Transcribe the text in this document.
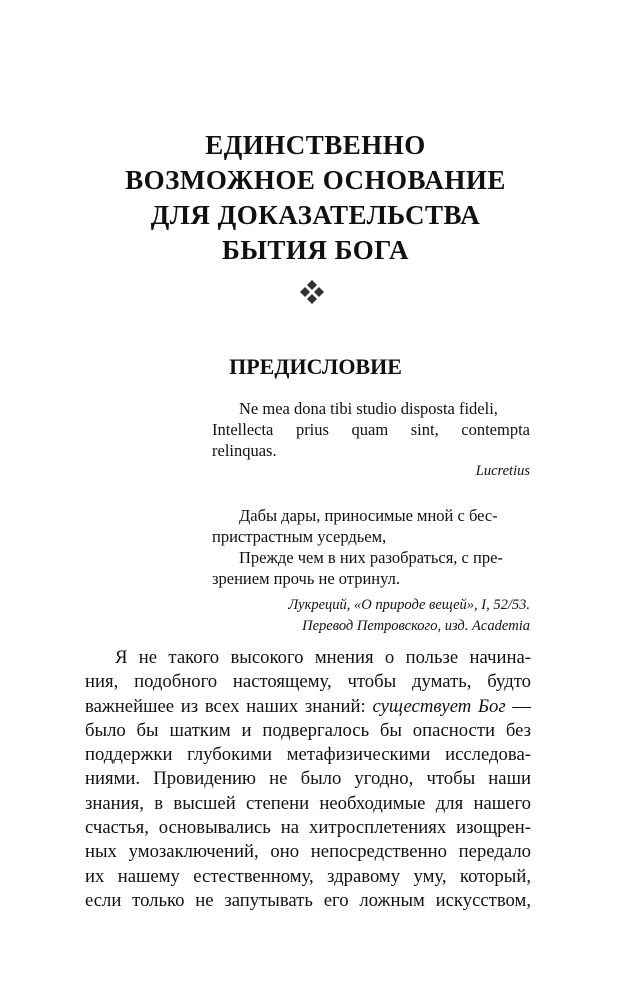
ЕДИНСТВЕННО
ВОЗМОЖНОЕ ОСНОВАНИЕ
ДЛЯ ДОКАЗАТЕЛЬСТВА
БЫТИЯ БОГА
ПРЕДИСЛОВИЕ
Ne mea dona tibi studio disposta fideli,
Intellecta prius quam sint, contempta
relinquas.
Lucretius
Дабы дары, приносимые мной с бес-
пристрастным усердьем,
Прежде чем в них разобраться, с пре-
зрением прочь не отринул.
Лукреций, «О природе вещей», I, 52/53.
Перевод Петровского, изд. Academia
Я не такого высокого мнения о пользе начина-
ния, подобного настоящему, чтобы думать, будто
важнейшее из всех наших знаний: существует Бог —
было бы шатким и подвергалось бы опасности без
поддержки глубокими метафизическими исследова-
ниями. Провидению не было угодно, чтобы наши
знания, в высшей степени необходимые для нашего
счастья, основывались на хитросплетениях изощрен-
ных умозаключений, оно непосредственно передало
их нашему естественному, здравому уму, который,
если только не запутывать его ложным искусством,
